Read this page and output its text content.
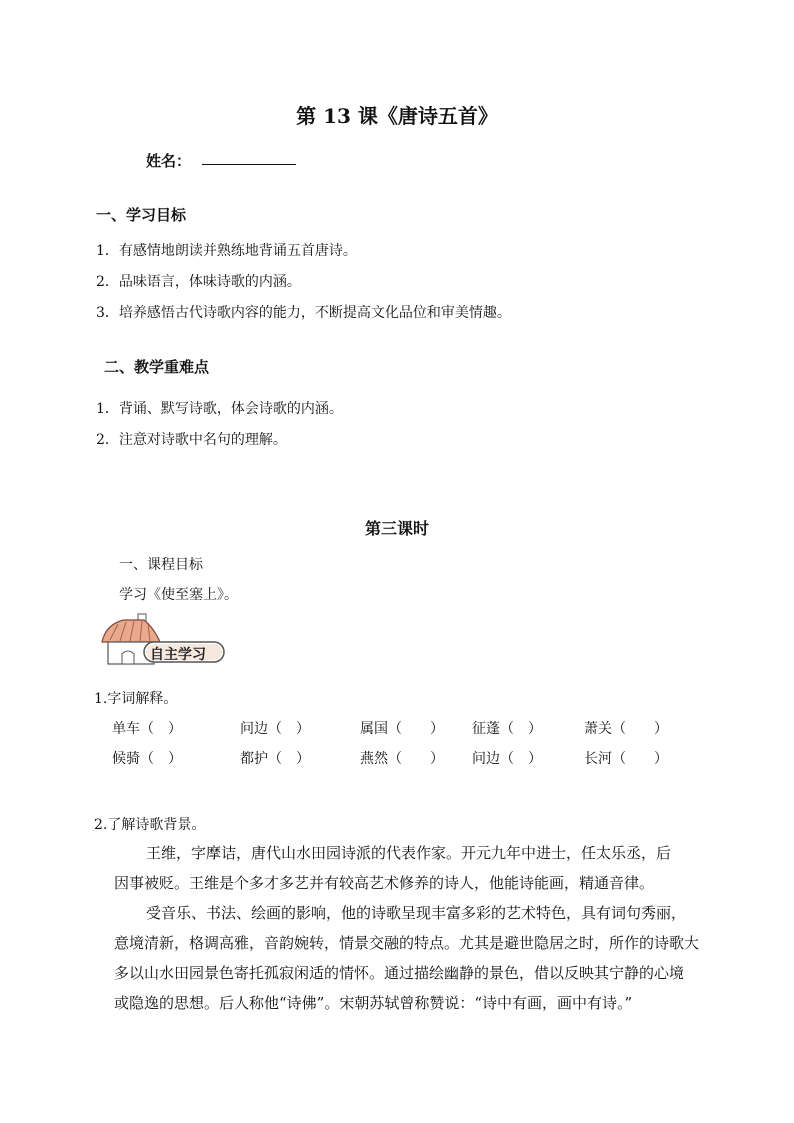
第 13 课《唐诗五首》
姓名：
一、学习目标
1．有感情地朗读并熟练地背诵五首唐诗。
2．品味语言，体味诗歌的内涵。
3．培养感悟古代诗歌内容的能力，不断提高文化品位和审美情趣。
二、教学重难点
1．背诵、默写诗歌，体会诗歌的内涵。
2．注意对诗歌中名句的理解。
第三课时
一、课程目标
学习《使至塞上》。
自主学习
1.字词解释。
单车（　）	问边（　）	属国（　　） 征蓬（　）	萧关（　　）
候骑（　）	都护（　）	燕然（　　） 问边（　）	长河（　　）
2.了解诗歌背景。
王维，字摩诘，唐代山水田园诗派的代表作家。开元九年中进士，任太乐丞，后
因事被贬。王维是个多才多艺并有较高艺术修养的诗人，他能诗能画，精通音律。
受音乐、书法、绘画的影响，他的诗歌呈现丰富多彩的艺术特色，具有词句秀丽，
意境清新，格调高雅，音韵婉转，情景交融的特点。尤其是避世隐居之时，所作的诗歌大
多以山水田园景色寄托孤寂闲适的情怀。通过描绘幽静的景色，借以反映其宁静的心境
或隐逸的思想。后人称他“诗佛”。宋朝苏轼曾称赞说：“诗中有画，画中有诗。”
